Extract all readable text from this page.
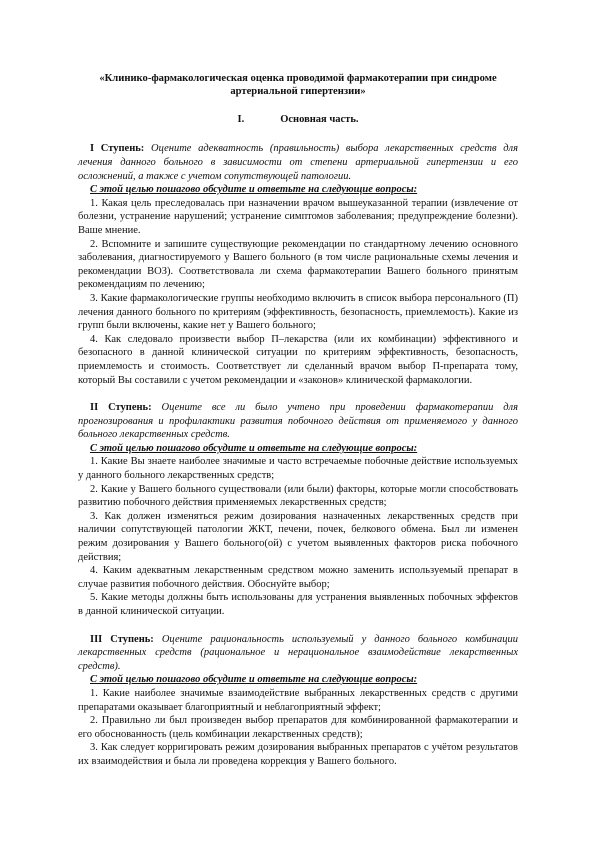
«Клинико-фармакологическая оценка проводимой фармакотерапии при синдроме артериальной гипертензии»

I.	Основная часть.

I Ступень: Оцените адекватность (правильность) выбора лекарственных средств для лечения данного больного в зависимости от степени артериальной гипертензии и его осложнений, а также с учетом сопутствующей патологии.

С этой целью пошагово обсудите и ответьте на следующие вопросы:

1. Какая цель преследовалась при назначении врачом вышеуказанной терапии (извлечение от болезни, устранение нарушений; устранение симптомов заболевания; предупреждение болезни). Ваше мнение.

2. Вспомните и запишите существующие рекомендации по стандартному лечению основного заболевания, диагностируемого у Вашего больного (в том числе рациональные схемы лечения и рекомендации ВОЗ). Соответствовала ли схема фармакотерапии Вашего больного принятым рекомендациям по лечению;

3. Какие фармакологические группы необходимо включить в список выбора персонального (П) лечения данного больного по критериям (эффективность, безопасность, приемлемость). Какие из групп были включены, какие нет у Вашего больного;

4. Как следовало произвести выбор П–лекарства (или их комбинации) эффективного и безопасного в данной клинической ситуации по критериям эффективность, безопасность, приемлемость и стоимость. Соответствует ли сделанный врачом выбор П-препарата тому, который Вы составили с учетом рекомендации и «законов» клинической фармакологии.

II Ступень: Оцените все ли было учтено при проведении фармакотерапии для прогнозирования и профилактики развития побочного действия от применяемого у данного больного лекарственных средств.

С этой целью пошагово обсудите и ответьте на следующие вопросы:

1. Какие Вы знаете наиболее значимые и часто встречаемые побочные действие используемых у данного больного лекарственных средств;

2. Какие у Вашего больного существовали (или были) факторы, которые могли способствовать развитию побочного действия применяемых лекарственных средств;

3. Как должен изменяться режим дозирования назначенных лекарственных средств при наличии сопутствующей патологии ЖКТ, печени, почек, белкового обмена. Был ли изменен режим дозирования у Вашего больного(ой) с учетом выявленных факторов риска побочного действия;

4. Каким адекватным лекарственным средством можно заменить используемый препарат в случае развития побочного действия. Обоснуйте выбор;

5. Какие методы должны быть использованы для устранения выявленных побочных эффектов в данной клинической ситуации.

III Ступень: Оцените рациональность используемый у данного больного комбинации лекарственных средств (рациональное и нерациональное взаимодействие лекарственных средств).

С этой целью пошагово обсудите и ответьте на следующие вопросы:

1. Какие наиболее значимые взаимодействие выбранных лекарственных средств с другими препаратами оказывает благоприятный и неблагоприятный эффект;

2. Правильно ли был произведен выбор препаратов для комбинированной фармакотерапии и его обоснованность (цель комбинации лекарственных средств);

3. Как следует корригировать режим дозирования выбранных препаратов с учётом результатов их взаимодействия и была ли проведена коррекция у Вашего больного.
